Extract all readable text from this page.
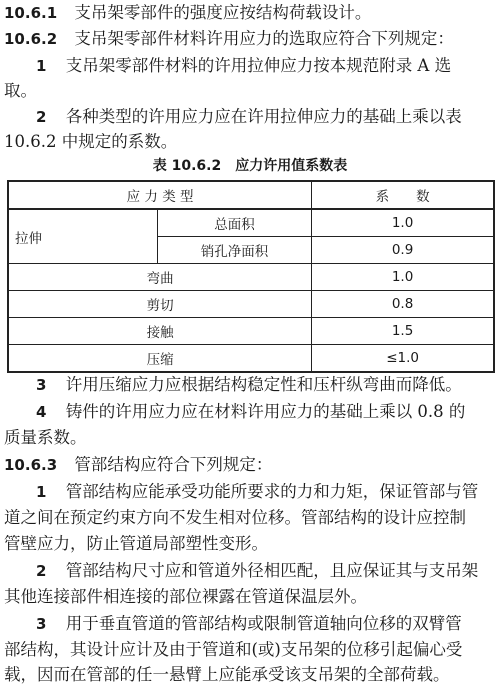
10.6.1 支吊架零部件的强度应按结构荷载设计。
10.6.2 支吊架零部件材料许用应力的选取应符合下列规定：
1 支吊架零部件材料的许用拉伸应力按本规范附录 A 选
取。
2 各种类型的许用应力应在许用拉伸应力的基础上乘以表
10.6.2 中规定的系数。
表 10.6.2　应力许用值系数表
应 力 类 型		系　　数
拉伸	总面积	1.0
	销孔净面积	0.9
弯曲		1.0
剪切		0.8
接触		1.5
压缩		≤1.0
3 许用压缩应力应根据结构稳定性和压杆纵弯曲而降低。
4 铸件的许用应力应在材料许用应力的基础上乘以 0.8 的
质量系数。
10.6.3 管部结构应符合下列规定：
1 管部结构应能承受功能所要求的力和力矩，保证管部与管
道之间在预定约束方向不发生相对位移。管部结构的设计应控制
管壁应力，防止管道局部塑性变形。
2 管部结构尺寸应和管道外径相匹配，且应保证其与支吊架
其他连接部件相连接的部位裸露在管道保温层外。
3 用于垂直管道的管部结构或限制管道轴向位移的双臂管
部结构，其设计应计及由于管道和(或)支吊架的位移引起偏心受
载，因而在管部的任一悬臂上应能承受该支吊架的全部荷载。
